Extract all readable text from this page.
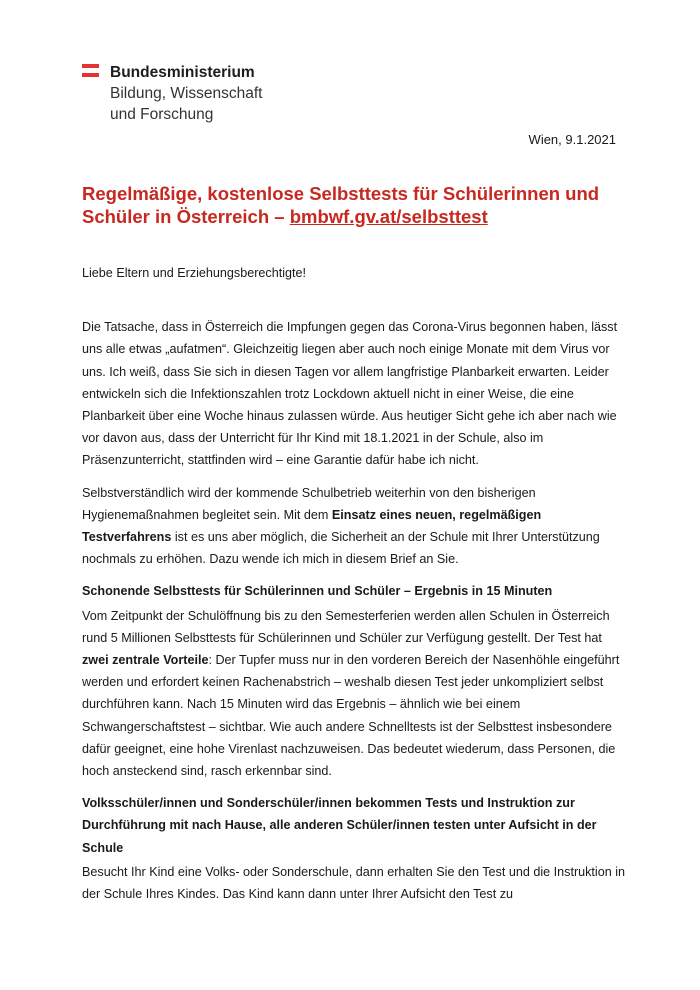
Bundesministerium
Bildung, Wissenschaft
und Forschung
Wien, 9.1.2021
Regelmäßige, kostenlose Selbsttests für Schülerinnen und Schüler in Österreich – bmbwf.gv.at/selbsttest

Liebe Eltern und Erziehungsberechtigte!

Die Tatsache, dass in Österreich die Impfungen gegen das Corona-Virus begonnen haben, lässt uns alle etwas „aufatmen“. Gleichzeitig liegen aber auch noch einige Monate mit dem Virus vor uns. Ich weiß, dass Sie sich in diesen Tagen vor allem langfristige Planbarkeit erwarten. Leider entwickeln sich die Infektionszahlen trotz Lockdown aktuell nicht in einer Weise, die eine Planbarkeit über eine Woche hinaus zulassen würde. Aus heutiger Sicht gehe ich aber nach wie vor davon aus, dass der Unterricht für Ihr Kind mit 18.1.2021 in der Schule, also im Präsenzunterricht, stattfinden wird – eine Garantie dafür habe ich nicht.

Selbstverständlich wird der kommende Schulbetrieb weiterhin von den bisherigen Hygienemaßnahmen begleitet sein. Mit dem Einsatz eines neuen, regelmäßigen Testverfahrens ist es uns aber möglich, die Sicherheit an der Schule mit Ihrer Unterstützung nochmals zu erhöhen. Dazu wende ich mich in diesem Brief an Sie.

Schonende Selbsttests für Schülerinnen und Schüler – Ergebnis in 15 Minuten

Vom Zeitpunkt der Schulöffnung bis zu den Semesterferien werden allen Schulen in Österreich rund 5 Millionen Selbsttests für Schülerinnen und Schüler zur Verfügung gestellt. Der Test hat zwei zentrale Vorteile: Der Tupfer muss nur in den vorderen Bereich der Nasenhöhle eingeführt werden und erfordert keinen Rachenabstrich – weshalb diesen Test jeder unkompliziert selbst durchführen kann. Nach 15 Minuten wird das Ergebnis – ähnlich wie bei einem Schwangerschaftstest – sichtbar. Wie auch andere Schnelltests ist der Selbsttest insbesondere dafür geeignet, eine hohe Virenlast nachzuweisen. Das bedeutet wiederum, dass Personen, die hoch ansteckend sind, rasch erkennbar sind.

Volksschüler/innen und Sonderschüler/innen bekommen Tests und Instruktion zur Durchführung mit nach Hause, alle anderen Schüler/innen testen unter Aufsicht in der Schule

Besucht Ihr Kind eine Volks- oder Sonderschule, dann erhalten Sie den Test und die Instruktion in der Schule Ihres Kindes. Das Kind kann dann unter Ihrer Aufsicht den Test zu
